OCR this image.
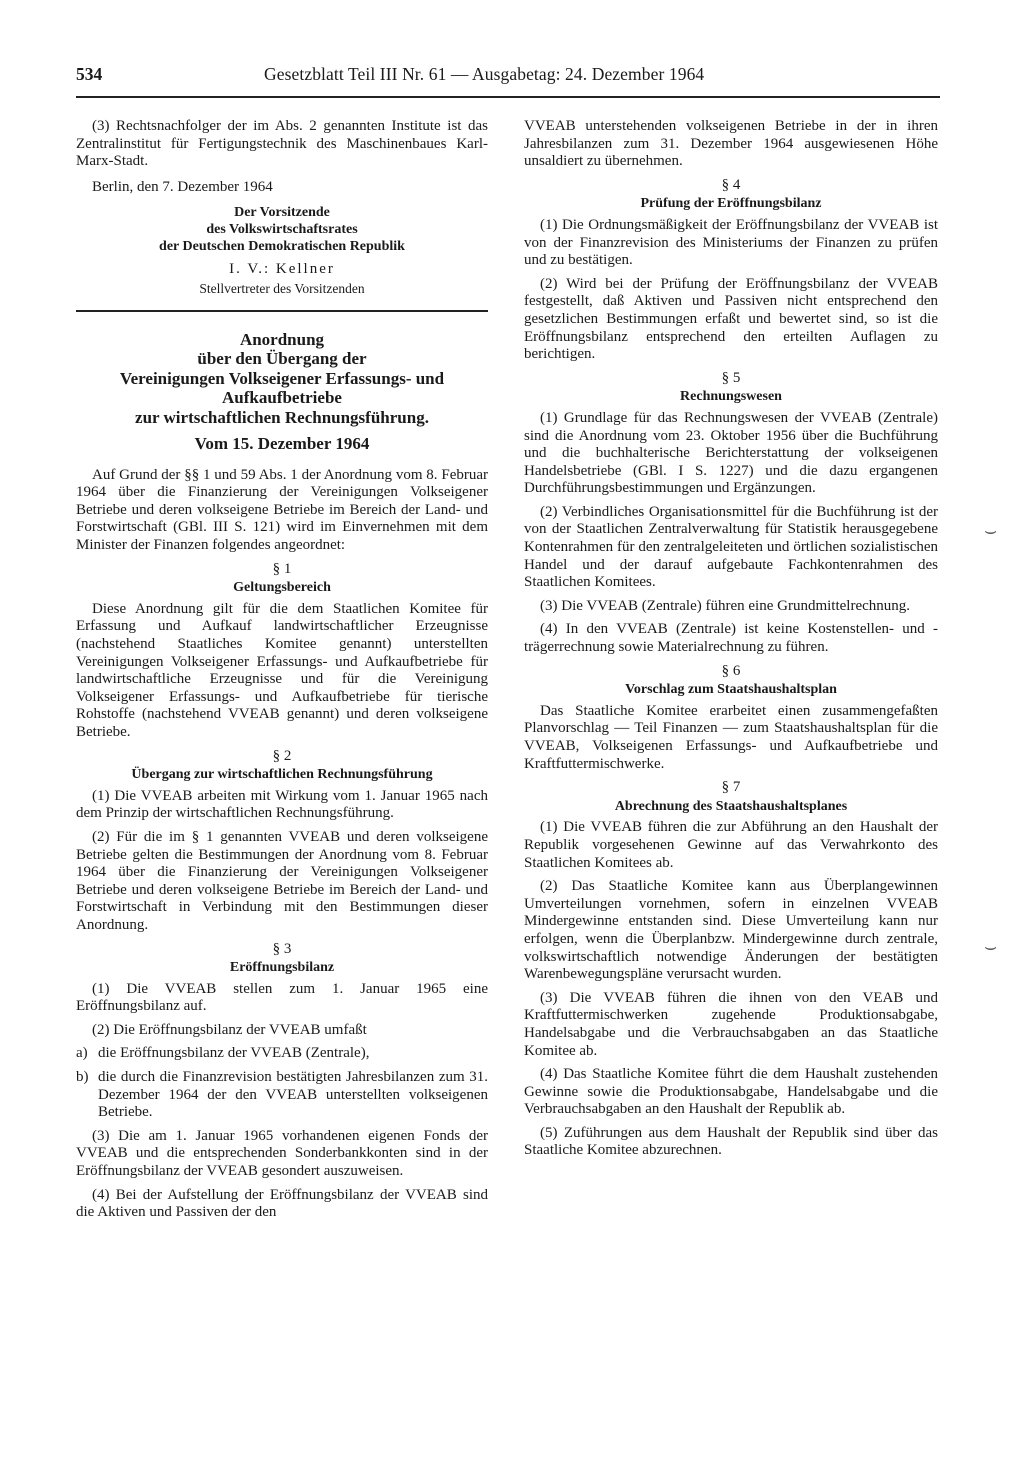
534	Gesetzblatt Teil III Nr. 61 — Ausgabetag: 24. Dezember 1964

(3) Rechtsnachfolger der im Abs. 2 genannten Institute ist das Zentralinstitut für Fertigungstechnik des Maschinenbaues Karl-Marx-Stadt.

Berlin, den 7. Dezember 1964
Der Vorsitzende
des Volkswirtschaftsrates
der Deutschen Demokratischen Republik
I. V.: Kellner
Stellvertreter des Vorsitzenden
Anordnung
über den Übergang der
Vereinigungen Volkseigener Erfassungs- und
Aufkaufbetriebe
zur wirtschaftlichen Rechnungsführung.
Vom 15. Dezember 1964

Auf Grund der §§ 1 und 59 Abs. 1 der Anordnung vom 8. Februar 1964 über die Finanzierung der Vereinigungen Volkseigener Betriebe und deren volkseigene Betriebe im Bereich der Land- und Forstwirtschaft (GBl. III S. 121) wird im Einvernehmen mit dem Minister der Finanzen folgendes angeordnet:

§ 1
Geltungsbereich

Diese Anordnung gilt für die dem Staatlichen Komitee für Erfassung und Aufkauf landwirtschaftlicher Erzeugnisse (nachstehend Staatliches Komitee genannt) unterstellten Vereinigungen Volkseigener Erfassungs- und Aufkaufbetriebe für landwirtschaftliche Erzeugnisse und für die Vereinigung Volkseigener Erfassungs- und Aufkaufbetriebe für tierische Rohstoffe (nachstehend VVEAB genannt) und deren volkseigene Betriebe.

§ 2
Übergang zur wirtschaftlichen Rechnungsführung

(1) Die VVEAB arbeiten mit Wirkung vom 1. Januar 1965 nach dem Prinzip der wirtschaftlichen Rechnungsführung.

(2) Für die im § 1 genannten VVEAB und deren volkseigene Betriebe gelten die Bestimmungen der Anordnung vom 8. Februar 1964 über die Finanzierung der Vereinigungen Volkseigener Betriebe und deren volkseigene Betriebe im Bereich der Land- und Forstwirtschaft in Verbindung mit den Bestimmungen dieser Anordnung.

§ 3
Eröffnungsbilanz

(1) Die VVEAB stellen zum 1. Januar 1965 eine Eröffnungsbilanz auf.

(2) Die Eröffnungsbilanz der VVEAB umfaßt

a) die Eröffnungsbilanz der VVEAB (Zentrale),
b) die durch die Finanzrevision bestätigten Jahresbilanzen zum 31. Dezember 1964 der den VVEAB unterstellten volkseigenen Betriebe.

(3) Die am 1. Januar 1965 vorhandenen eigenen Fonds der VVEAB und die entsprechenden Sonderbankkonten sind in der Eröffnungsbilanz der VVEAB gesondert auszuweisen.

(4) Bei der Aufstellung der Eröffnungsbilanz der VVEAB sind die Aktiven und Passiven der den

VVEAB unterstehenden volkseigenen Betriebe in der in ihren Jahresbilanzen zum 31. Dezember 1964 ausgewiesenen Höhe unsaldiert zu übernehmen.

§ 4
Prüfung der Eröffnungsbilanz

(1) Die Ordnungsmäßigkeit der Eröffnungsbilanz der VVEAB ist von der Finanzrevision des Ministeriums der Finanzen zu prüfen und zu bestätigen.

(2) Wird bei der Prüfung der Eröffnungsbilanz der VVEAB festgestellt, daß Aktiven und Passiven nicht entsprechend den gesetzlichen Bestimmungen erfaßt und bewertet sind, so ist die Eröffnungsbilanz entsprechend den erteilten Auflagen zu berichtigen.

§ 5
Rechnungswesen

(1) Grundlage für das Rechnungswesen der VVEAB (Zentrale) sind die Anordnung vom 23. Oktober 1956 über die Buchführung und die buchhalterische Berichterstattung der volkseigenen Handelsbetriebe (GBl. I S. 1227) und die dazu ergangenen Durchführungsbestimmungen und Ergänzungen.

(2) Verbindliches Organisationsmittel für die Buchführung ist der von der Staatlichen Zentralverwaltung für Statistik herausgegebene Kontenrahmen für den zentralgeleiteten und örtlichen sozialistischen Handel und der darauf aufgebaute Fachkontenrahmen des Staatlichen Komitees.

(3) Die VVEAB (Zentrale) führen eine Grundmittelrechnung.

(4) In den VVEAB (Zentrale) ist keine Kostenstellen- und -trägerrechnung sowie Materialrechnung zu führen.

§ 6
Vorschlag zum Staatshaushaltsplan

Das Staatliche Komitee erarbeitet einen zusammengefaßten Planvorschlag — Teil Finanzen — zum Staatshaushaltsplan für die VVEAB, Volkseigenen Erfassungs- und Aufkaufbetriebe und Kraftfuttermischwerke.

§ 7
Abrechnung des Staatshaushaltsplanes

(1) Die VVEAB führen die zur Abführung an den Haushalt der Republik vorgesehenen Gewinne auf das Verwahrkonto des Staatlichen Komitees ab.

(2) Das Staatliche Komitee kann aus Überplangewinnen Umverteilungen vornehmen, sofern in einzelnen VVEAB Mindergewinne entstanden sind. Diese Umverteilung kann nur erfolgen, wenn die Überplanbzw. Mindergewinne durch zentrale, volkswirtschaftlich notwendige Änderungen der bestätigten Warenbewegungspläne verursacht wurden.

(3) Die VVEAB führen die ihnen von den VEAB und Kraftfuttermischwerken zugehende Produktionsabgabe, Handelsabgabe und die Verbrauchsabgaben an das Staatliche Komitee ab.

(4) Das Staatliche Komitee führt die dem Haushalt zustehenden Gewinne sowie die Produktionsabgabe, Handelsabgabe und die Verbrauchsabgaben an den Haushalt der Republik ab.

(5) Zuführungen aus dem Haushalt der Republik sind über das Staatliche Komitee abzurechnen.

⌣
⌣
